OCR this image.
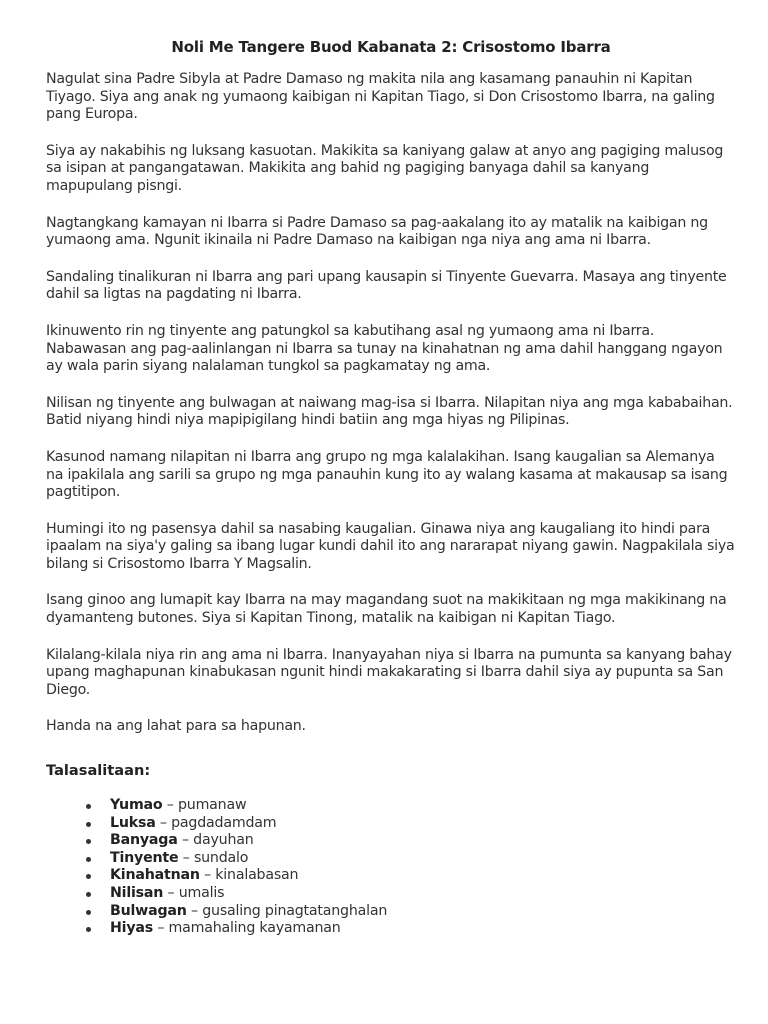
Noli Me Tangere Buod Kabanata 2: Crisostomo Ibarra

Nagulat sina Padre Sibyla at Padre Damaso ng makita nila ang kasamang panauhin ni Kapitan Tiyago. Siya ang anak ng yumaong kaibigan ni Kapitan Tiago, si Don Crisostomo Ibarra, na galing pang Europa.

Siya ay nakabihis ng luksang kasuotan. Makikita sa kaniyang galaw at anyo ang pagiging malusog sa isipan at pangangatawan. Makikita ang bahid ng pagiging banyaga dahil sa kanyang mapupulang pisngi.

Nagtangkang kamayan ni Ibarra si Padre Damaso sa pag-aakalang ito ay matalik na kaibigan ng yumaong ama. Ngunit ikinaila ni Padre Damaso na kaibigan nga niya ang ama ni Ibarra.

Sandaling tinalikuran ni Ibarra ang pari upang kausapin si Tinyente Guevarra. Masaya ang tinyente dahil sa ligtas na pagdating ni Ibarra.

Ikinuwento rin ng tinyente ang patungkol sa kabutihang asal ng yumaong ama ni Ibarra. Nabawasan ang pag-aalinlangan ni Ibarra sa tunay na kinahatnan ng ama dahil hanggang ngayon ay wala parin siyang nalalaman tungkol sa pagkamatay ng ama.

Nilisan ng tinyente ang bulwagan at naiwang mag-isa si Ibarra. Nilapitan niya ang mga kababaihan. Batid niyang hindi niya mapipigilang hindi batiin ang mga hiyas ng Pilipinas.

Kasunod namang nilapitan ni Ibarra ang grupo ng mga kalalakihan. Isang kaugalian sa Alemanya na ipakilala ang sarili sa grupo ng mga panauhin kung ito ay walang kasama at makausap sa isang pagtitipon.

Humingi ito ng pasensya dahil sa nasabing kaugalian. Ginawa niya ang kaugaliang ito hindi para ipaalam na siya'y galing sa ibang lugar kundi dahil ito ang nararapat niyang gawin. Nagpakilala siya bilang si Crisostomo Ibarra Y Magsalin.

Isang ginoo ang lumapit kay Ibarra na may magandang suot na makikitaan ng mga makikinang na dyamanteng butones. Siya si Kapitan Tinong, matalik na kaibigan ni Kapitan Tiago.

Kilalang-kilala niya rin ang ama ni Ibarra. Inanyayahan niya si Ibarra na pumunta sa kanyang bahay upang maghapunan kinabukasan ngunit hindi makakarating si Ibarra dahil siya ay pupunta sa San Diego.

Handa na ang lahat para sa hapunan.

Talasalitaan:
Yumao – pumanaw
Luksa – pagdadamdam
Banyaga – dayuhan
Tinyente – sundalo
Kinahatnan – kinalabasan
Nilisan – umalis
Bulwagan – gusaling pinagtatanghalan
Hiyas – mamahaling kayamanan
